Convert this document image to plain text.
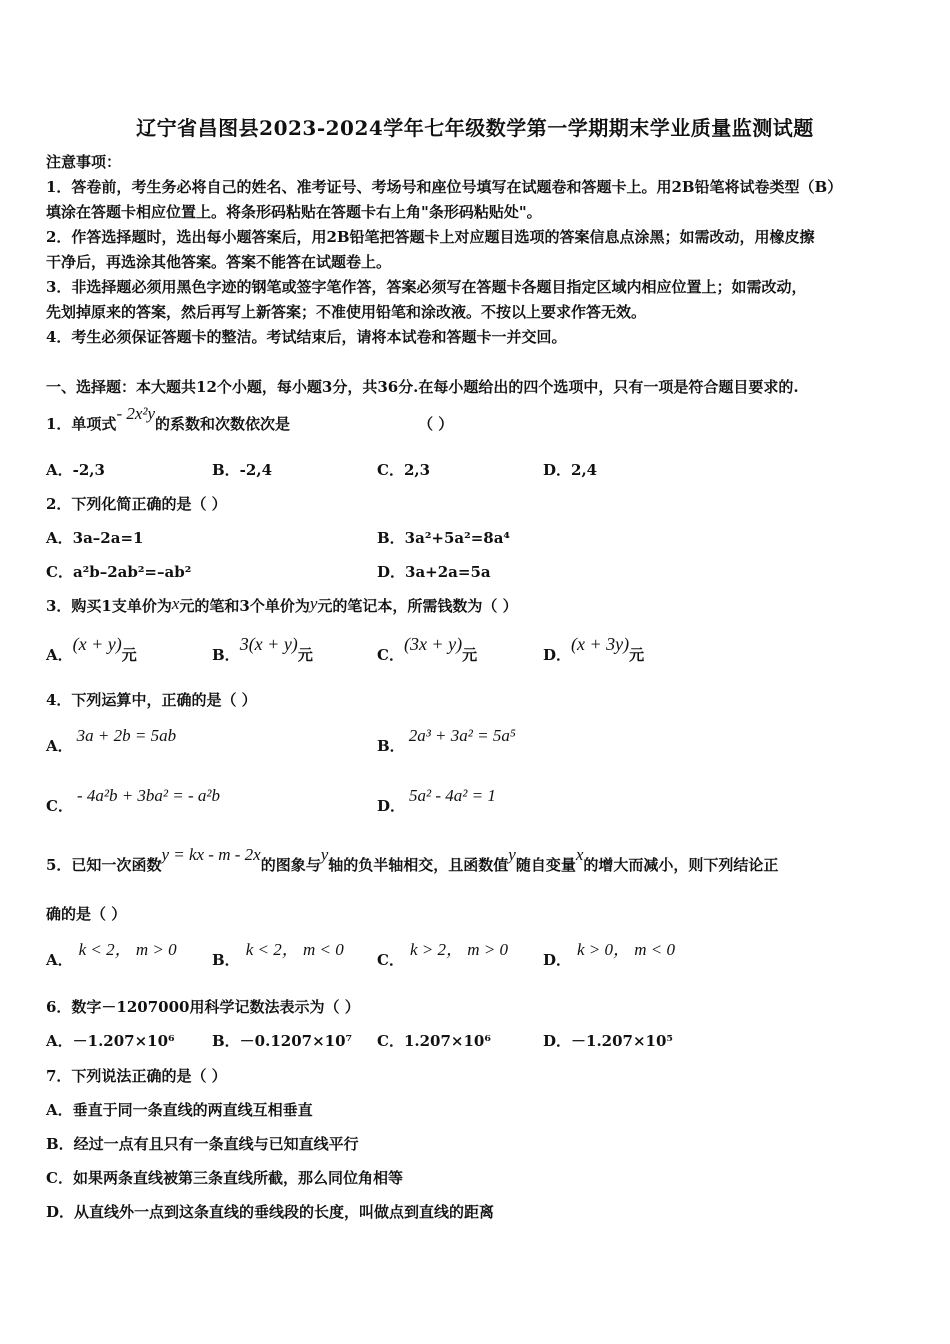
辽宁省昌图县2023-2024学年七年级数学第一学期期末学业质量监测试题
注意事项：
1．答卷前，考生务必将自己的姓名、准考证号、考场号和座位号填写在试题卷和答题卡上。用2B铅笔将试卷类型（B）
填涂在答题卡相应位置上。将条形码粘贴在答题卡右上角"条形码粘贴处"。
2．作答选择题时，选出每小题答案后，用2B铅笔把答题卡上对应题目选项的答案信息点涂黑；如需改动，用橡皮擦
干净后，再选涂其他答案。答案不能答在试题卷上。
3．非选择题必须用黑色字迹的钢笔或签字笔作答，答案必须写在答题卡各题目指定区域内相应位置上；如需改动，
先划掉原来的答案，然后再写上新答案；不准使用铅笔和涂改液。不按以上要求作答无效。
4．考生必须保证答题卡的整洁。考试结束后，请将本试卷和答题卡一并交回。
一、选择题：本大题共12个小题，每小题3分，共36分.在每小题给出的四个选项中，只有一项是符合题目要求的.
1．单项式- 2x²y的系数和次数依次是	（ ）
A．-2,3	B．-2,4	C．2,3	D．2,4
2．下列化简正确的是（ ）
A．3a–2a=1	B．3a²+5a²=8a⁴
C．a²b–2ab²=–ab²	D．3a+2a=5a
3．购买1支单价为x元的笔和3个单价为y元的笔记本，所需钱数为（ ）
A．(x + y)元	B．3(x + y)元	C．(3x + y)元	D．(x + 3y)元
4．下列运算中，正确的是（ ）
A．3a + 2b = 5ab
B．2a³ + 3a² = 5a⁵
C．- 4a²b + 3ba² = - a²b
D．5a² - 4a² = 1
5．已知一次函数y = kx - m - 2x的图象与y轴的负半轴相交，且函数值y随自变量x的增大而减小，则下列结论正
确的是（ ）
A．k < 2， m > 0
B．k < 2， m < 0
C．k > 2， m > 0
D．k > 0， m < 0
6．数字－1207000用科学记数法表示为（ ）
A．－1.207×10⁶ B．－0.1207×10⁷ C．1.207×10⁶	D．－1.207×10⁵
7．下列说法正确的是（ ）
A．垂直于同一条直线的两直线互相垂直
B．经过一点有且只有一条直线与已知直线平行
C．如果两条直线被第三条直线所截，那么同位角相等
D．从直线外一点到这条直线的垂线段的长度，叫做点到直线的距离
